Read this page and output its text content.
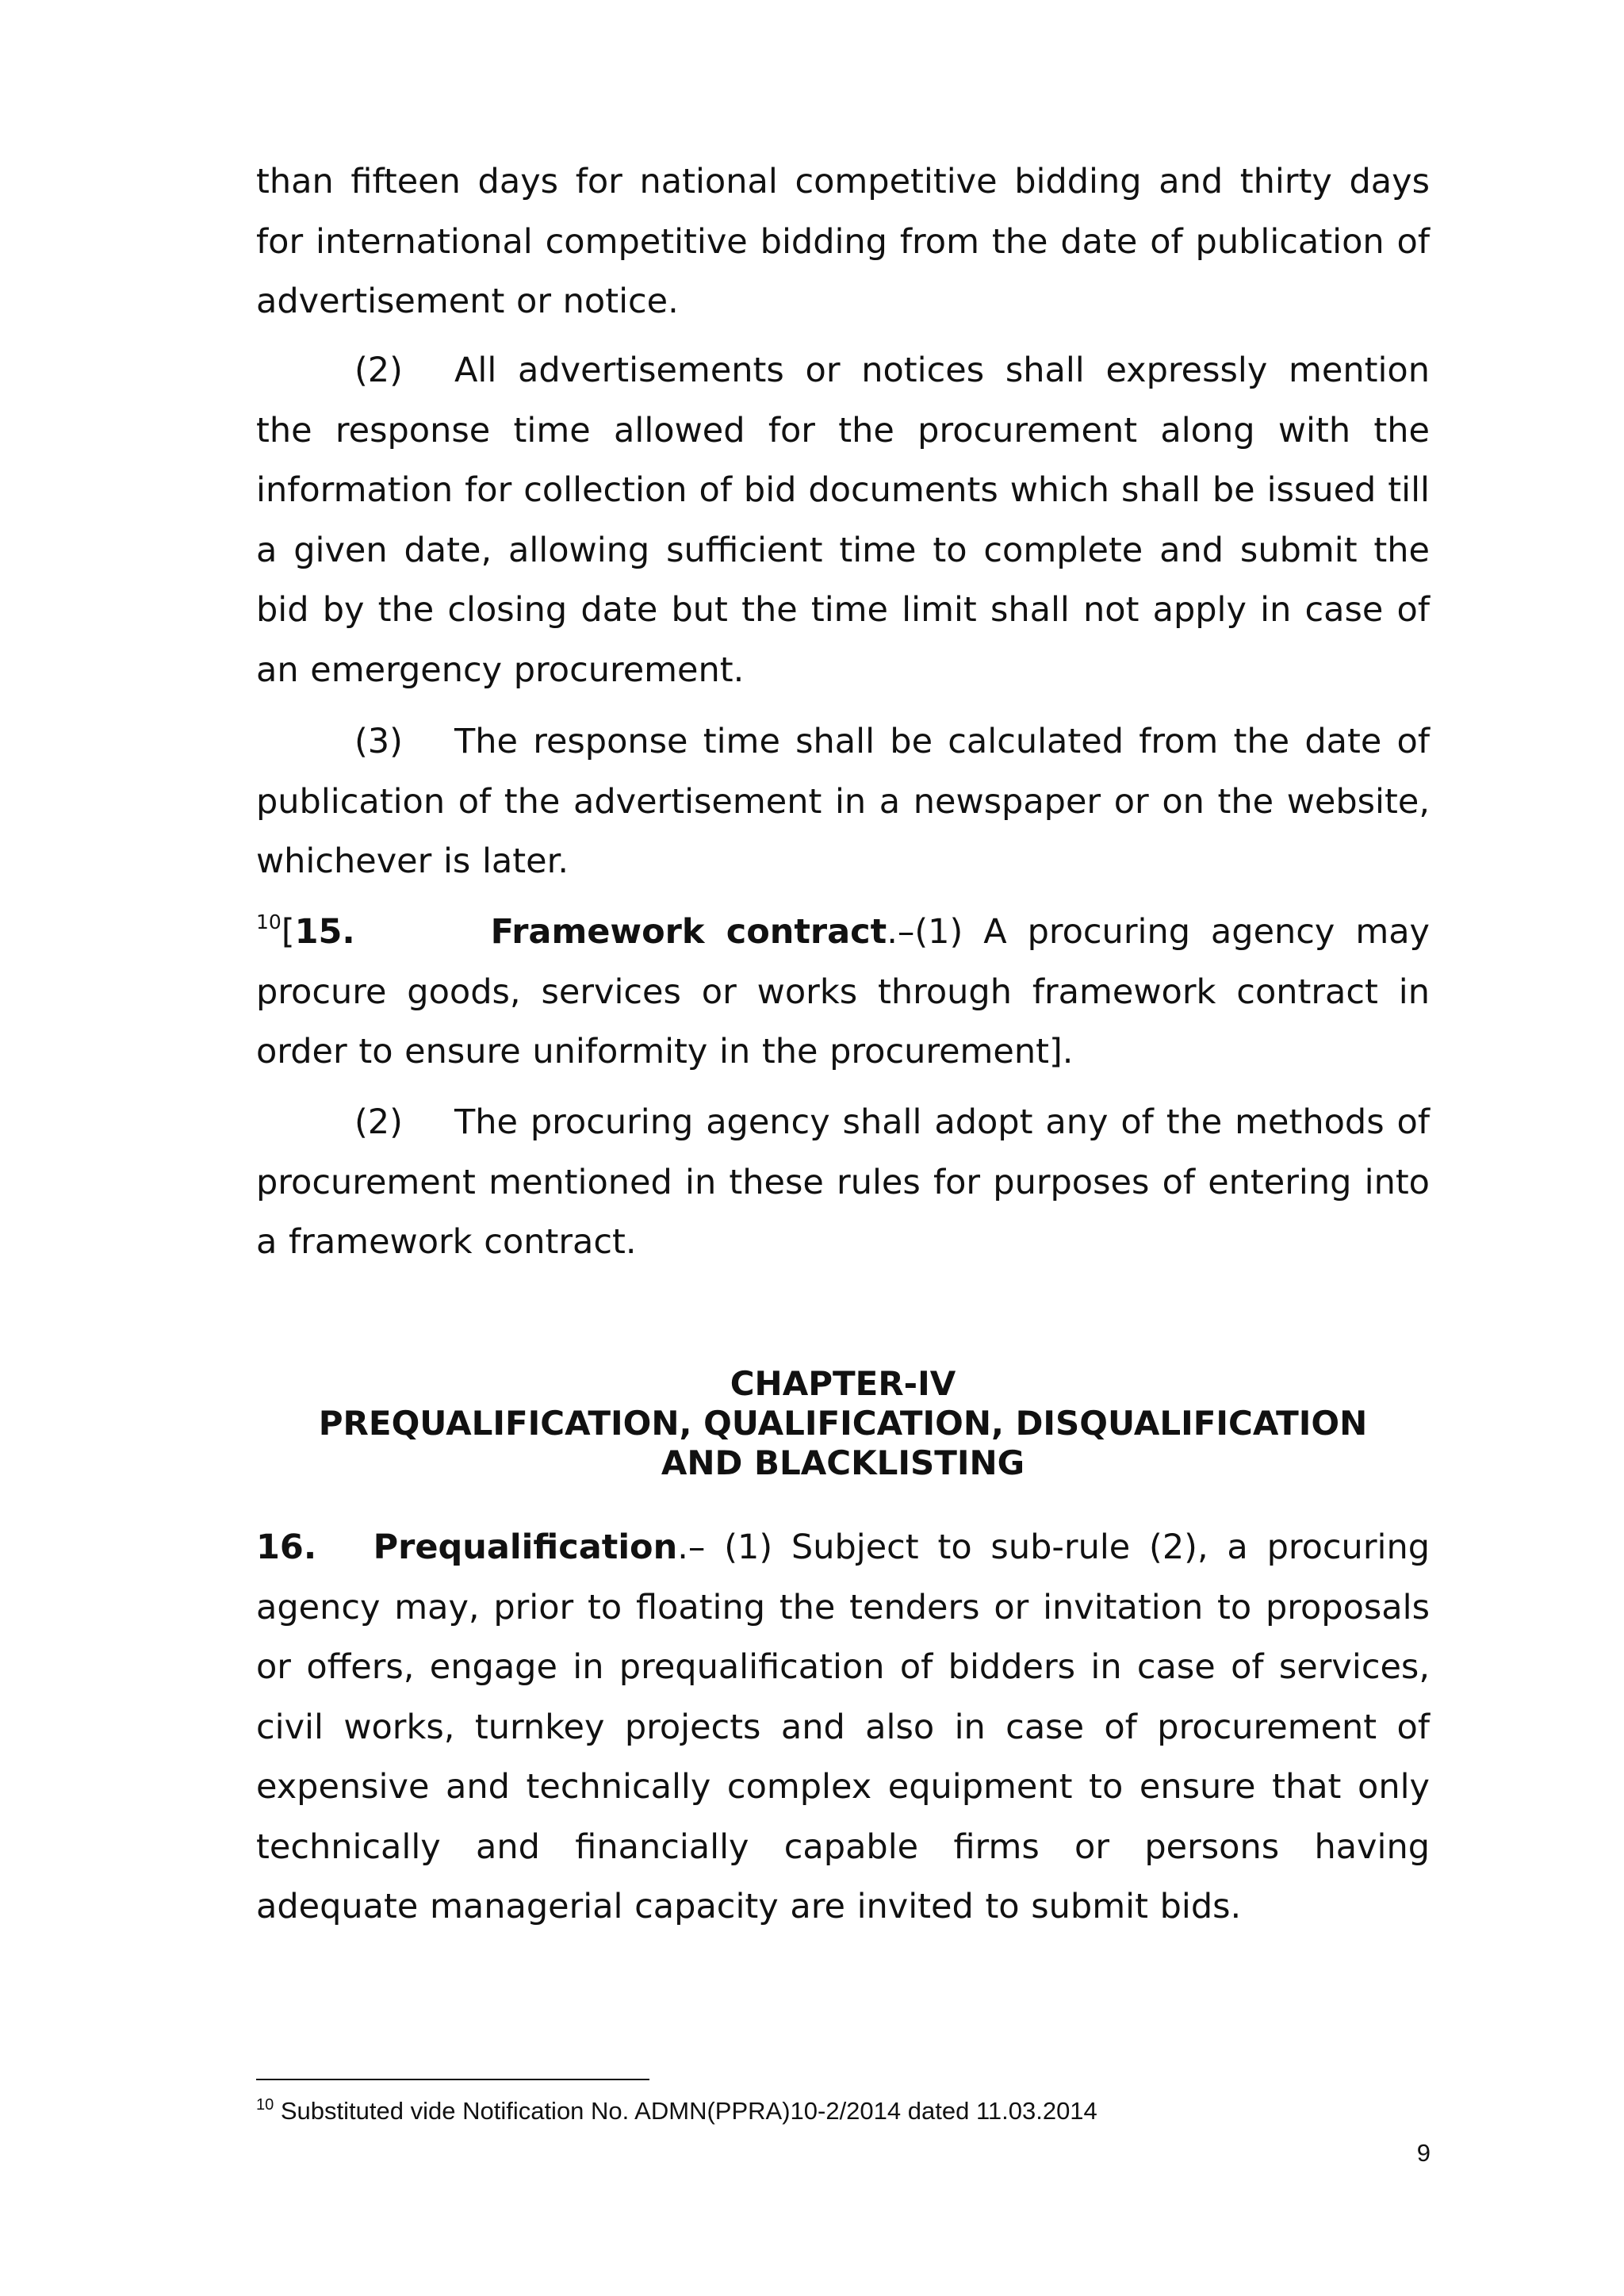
than fifteen days for national competitive bidding and thirty days for international competitive bidding from the date of publication of advertisement or notice.

(2) All advertisements or notices shall expressly mention the response time allowed for the procurement along with the information for collection of bid documents which shall be issued till a given date, allowing sufficient time to complete and submit the bid by the closing date but the time limit shall not apply in case of an emergency procurement.

(3) The response time shall be calculated from the date of publication of the advertisement in a newspaper or on the website, whichever is later.

$^{10}$[15.	Framework contract.–(1) A procuring agency may procure goods, services or works through framework contract in order to ensure uniformity in the procurement].

(2) The procuring agency shall adopt any of the methods of procurement mentioned in these rules for purposes of entering into a framework contract.

CHAPTER-IV
PREQUALIFICATION, QUALIFICATION, DISQUALIFICATION
AND BLACKLISTING

16. Prequalification.– (1) Subject to sub-rule (2), a procuring agency may, prior to floating the tenders or invitation to proposals or offers, engage in prequalification of bidders in case of services, civil works, turnkey projects and also in case of procurement of expensive and technically complex equipment to ensure that only technically and financially capable firms or persons having adequate managerial capacity are invited to submit bids.

$^{10}$ Substituted vide Notification No. ADMN(PPRA)10-2/2014 dated 11.03.2014

9
